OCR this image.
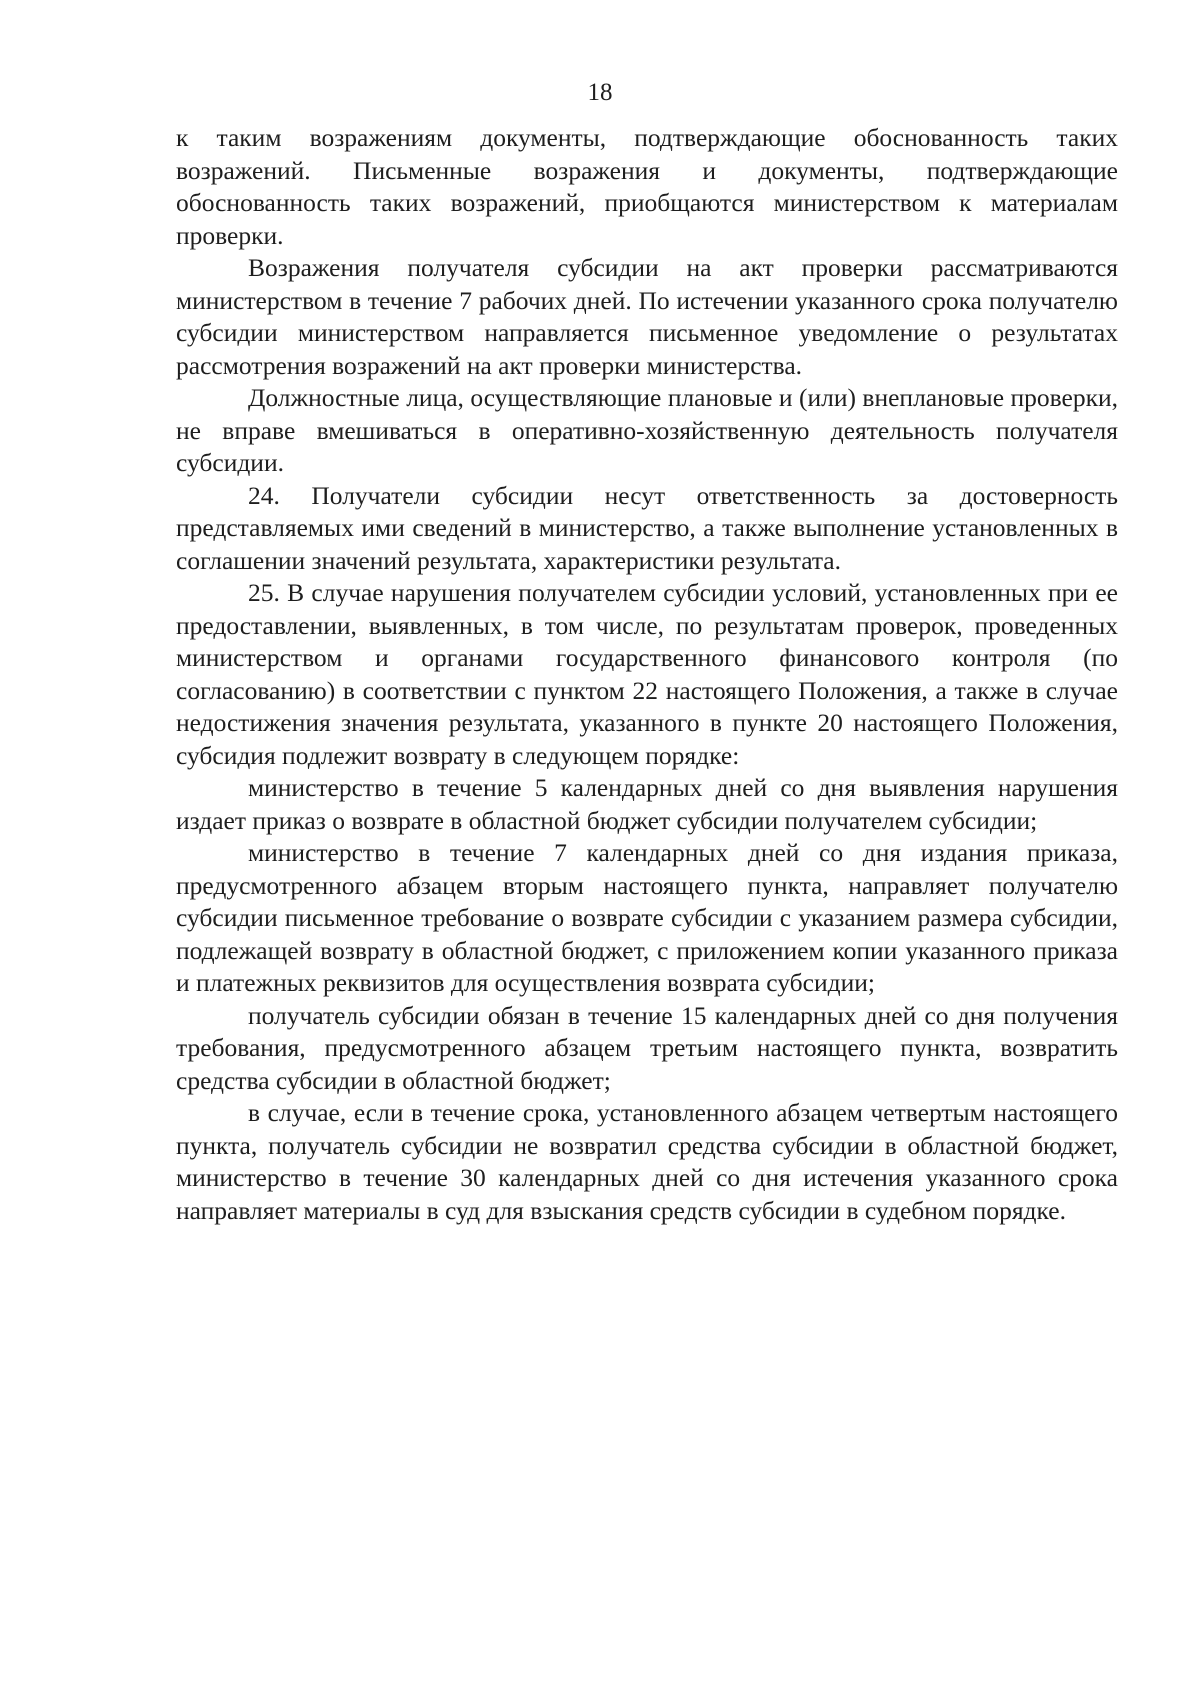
18

к таким возражениям документы, подтверждающие обоснованность таких возражений. Письменные возражения и документы, подтверждающие обоснованность таких возражений, приобщаются министерством к материалам проверки.

Возражения получателя субсидии на акт проверки рассматриваются министерством в течение 7 рабочих дней. По истечении указанного срока получателю субсидии министерством направляется письменное уведомление о результатах рассмотрения возражений на акт проверки министерства.

Должностные лица, осуществляющие плановые и (или) внеплановые проверки, не вправе вмешиваться в оперативно-хозяйственную деятельность получателя субсидии.

24. Получатели субсидии несут ответственность за достоверность представляемых ими сведений в министерство, а также выполнение установленных в соглашении значений результата, характеристики результата.

25. В случае нарушения получателем субсидии условий, установленных при ее предоставлении, выявленных, в том числе, по результатам проверок, проведенных министерством и органами государственного финансового контроля (по согласованию) в соответствии с пунктом 22 настоящего Положения, а также в случае недостижения значения результата, указанного в пункте 20 настоящего Положения, субсидия подлежит возврату в следующем порядке:

министерство в течение 5 календарных дней со дня выявления нарушения издает приказ о возврате в областной бюджет субсидии получателем субсидии;

министерство в течение 7 календарных дней со дня издания приказа, предусмотренного абзацем вторым настоящего пункта, направляет получателю субсидии письменное требование о возврате субсидии с указанием размера субсидии, подлежащей возврату в областной бюджет, с приложением копии указанного приказа и платежных реквизитов для осуществления возврата субсидии;

получатель субсидии обязан в течение 15 календарных дней со дня получения требования, предусмотренного абзацем третьим настоящего пункта, возвратить средства субсидии в областной бюджет;

в случае, если в течение срока, установленного абзацем четвертым настоящего пункта, получатель субсидии не возвратил средства субсидии в областной бюджет, министерство в течение 30 календарных дней со дня истечения указанного срока направляет материалы в суд для взыскания средств субсидии в судебном порядке.
